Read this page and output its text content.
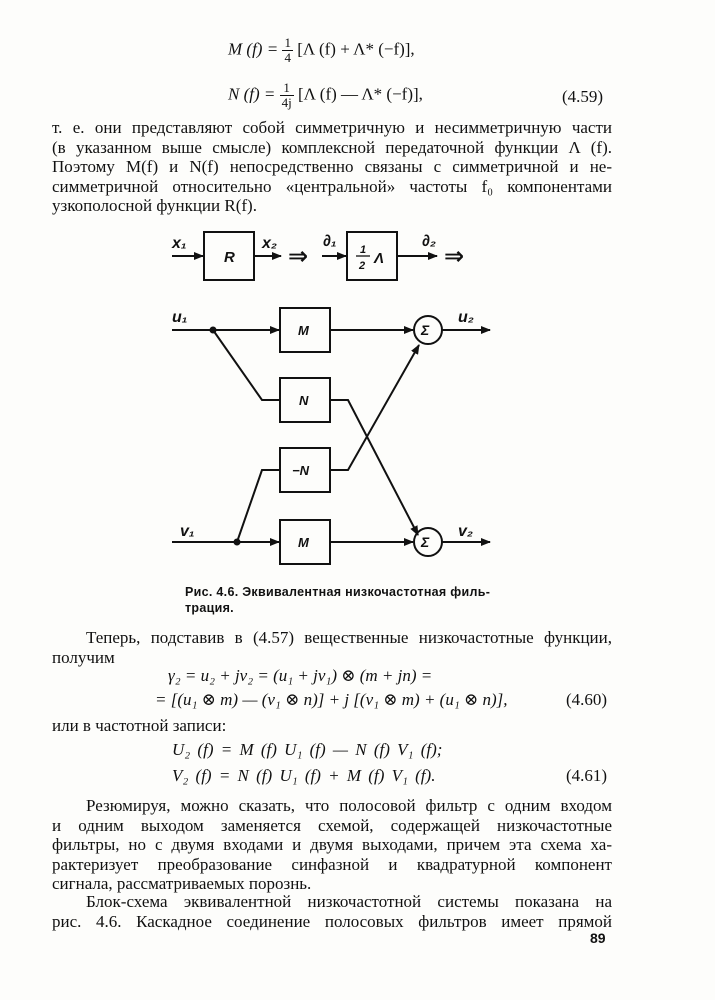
M $(f) = \frac{1}{4} [\Lambda$ (f) + Λ* (−f)],
N $(f) = \frac{1}{4j} [\Lambda$ (f) — Λ* (−f)],	(4.59)
т. е. они представляют собой симметричную и несимметричную части
(в указанном выше смысле) комплексной передаточной функции Λ (f).
Поэтому M(f) и N(f) непосредственно связаны с симметричной и не-
симметричной относительно «центральной» частоты f₀ компонентами
узкополосной функции R(f).
x₁
R
x₂ ⇒
∂₁ 1
2 Λ
∂₂
⇒
u₁	u₂
v₁	v₂
M
N
−N
M
Σ
Σ
Рис. 4.6. Эквивалентная низкочастотная филь-
трация.
Теперь, подставив в (4.57) вещественные низкочастотные функции,
получим
γ₂ = u₂ + jv₂ = (u₁ + jv₁) ⊗ (m + jn) =
= [(u₁ ⊗ m) — (v₁ ⊗ n)] + j [(v₁ ⊗ m) + (u₁ ⊗ n)],	(4.60)
или в частотной записи:
U₂ (f) = M (f) U₁ (f) — N (f) V₁ (f);
V₂ (f) = N (f) U₁ (f) + M (f) V₁ (f).	(4.61)
Резюмируя, можно сказать, что полосовой фильтр с одним входом
и одним выходом заменяется схемой, содержащей низкочастотные
фильтры, но с двумя входами и двумя выходами, причем эта схема ха-
рактеризует преобразование синфазной и квадратурной компонент
сигнала, рассматриваемых порознь.
Блок-схема эквивалентной низкочастотной системы показана на
рис. 4.6. Каскадное соединение полосовых фильтров имеет прямой
89
